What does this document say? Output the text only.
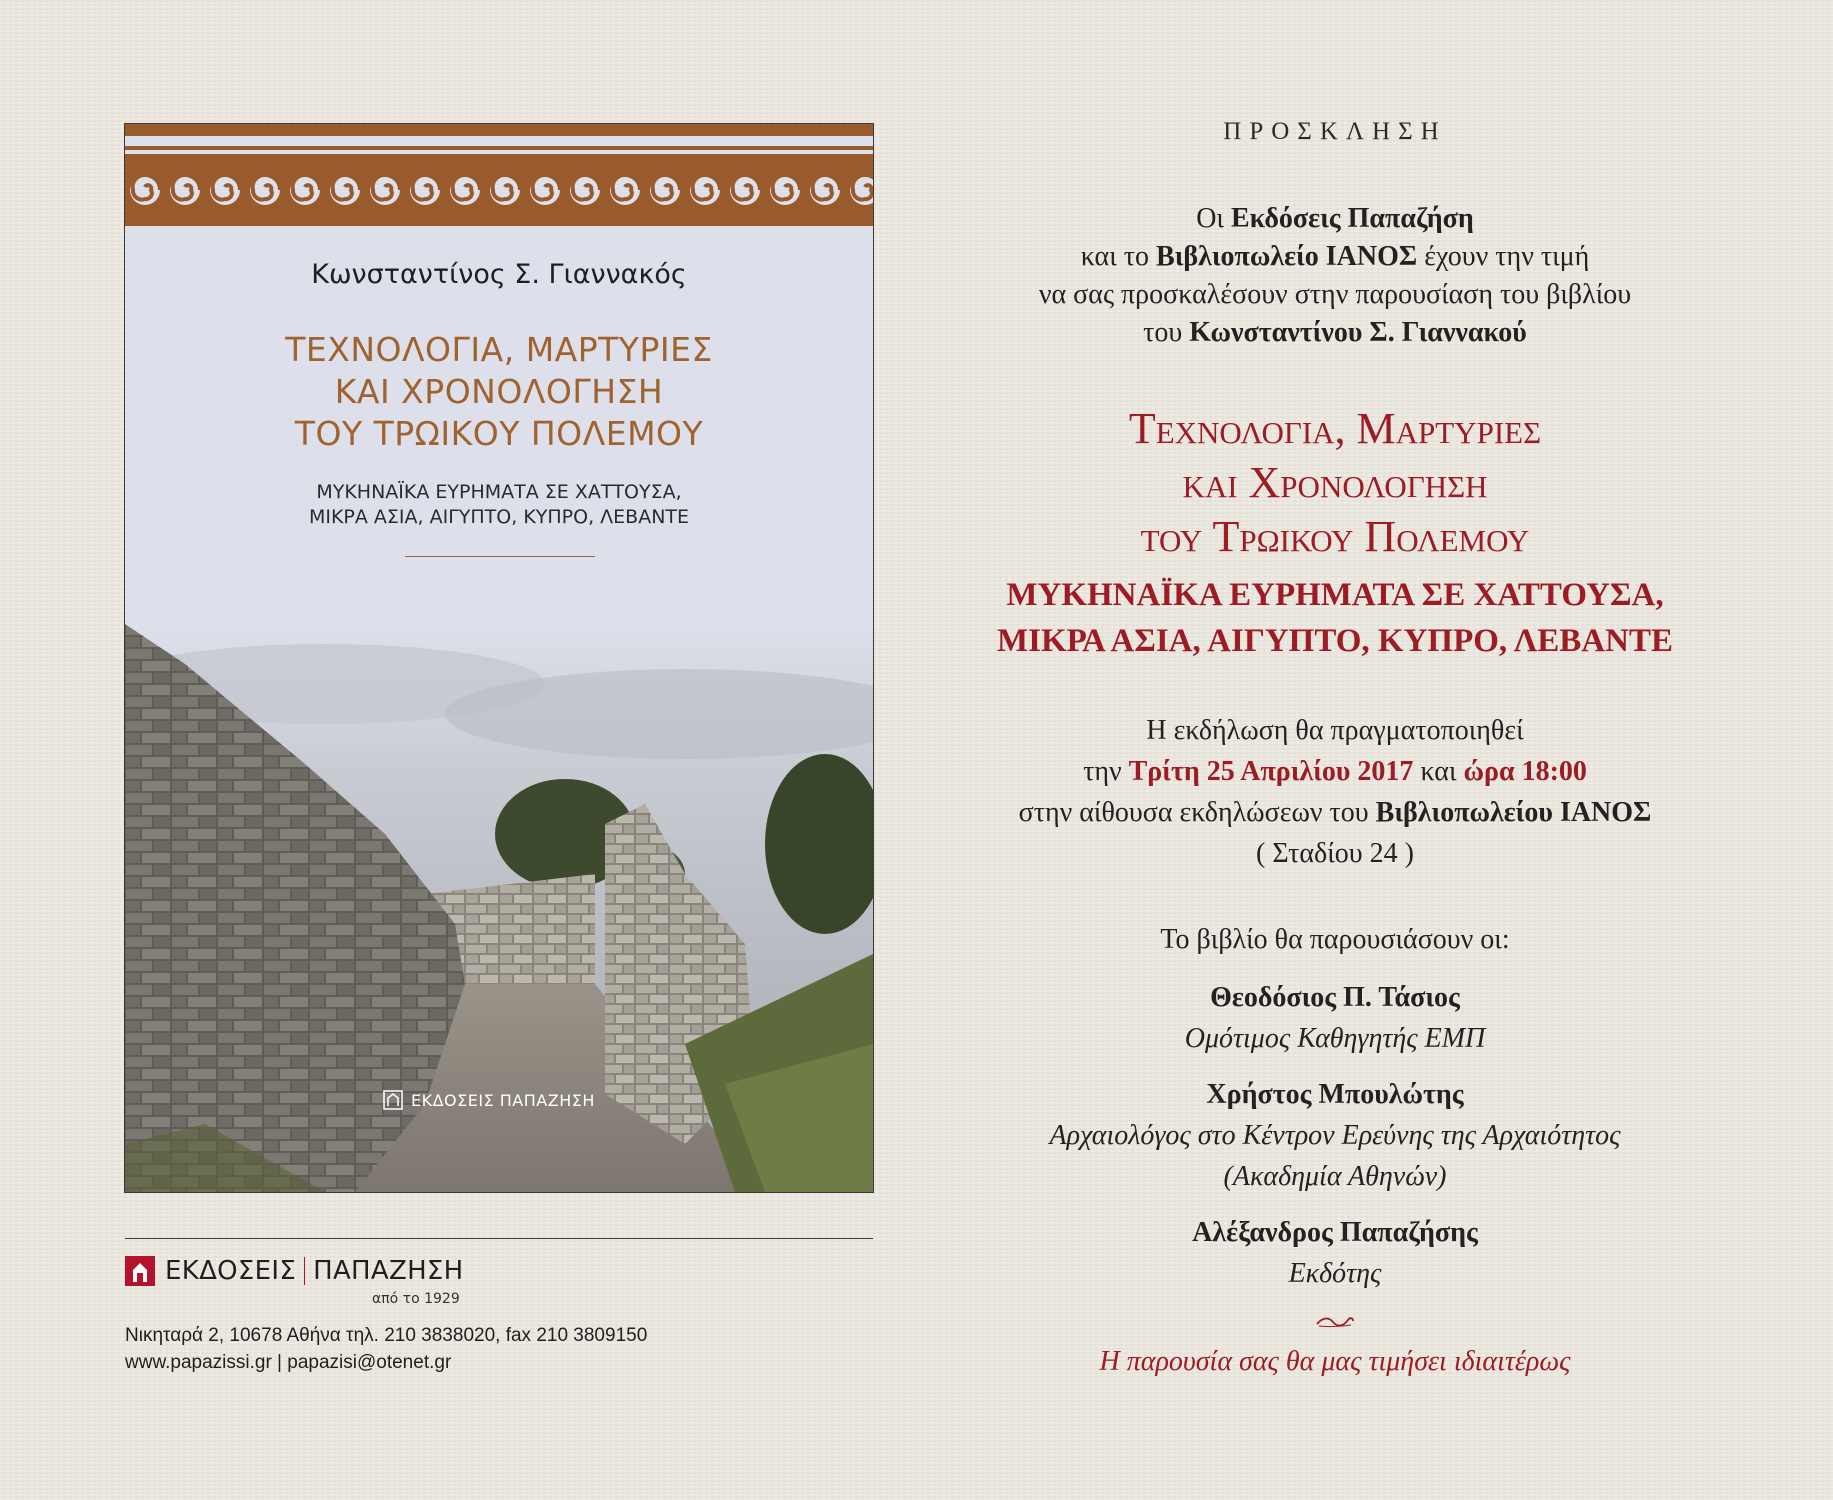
Κωνσταντίνος Σ. Γιαννακός
ΤΕΧΝΟΛΟΓΙΑ, ΜΑΡΤΥΡΙΕΣ
ΚΑΙ ΧΡΟΝΟΛΟΓΗΣΗ
ΤΟΥ ΤΡΩΙΚΟΥ ΠΟΛΕΜΟΥ
ΜΥΚΗΝΑΪΚΑ ΕΥΡΗΜΑΤΑ ΣΕ ΧΑΤΤΟΥΣΑ,
ΜΙΚΡΑ ΑΣΙΑ, ΑΙΓΥΠΤΟ, ΚΥΠΡΟ, ΛΕΒΑΝΤΕ
ΕΚΔΟΣΕΙΣ ΠΑΠΑΖΗΣΗ
ΕΚΔΟΣΕΙΣ ΠΑΠΑΖΗΣΗ
από το 1929
Νικηταρά 2, 10678 Αθήνα τηλ. 210 3838020, fax 210 3809150
www.papazissi.gr | papazisi@otenet.gr
ΠΡΟΣΚΛΗΣΗ
Οι Εκδόσεις Παπαζήση
και το Βιβλιοπωλείο ΙΑΝΟΣ έχουν την τιμή
να σας προσκαλέσουν στην παρουσίαση του βιβλίου
του Κωνσταντίνου Σ. Γιαννακού
Τεχνολογια, Μαρτυριες
και Χρονολογηση
του Τρωικου Πολεμου
ΜΥΚΗΝΑΪΚΑ ΕΥΡΗΜΑΤΑ ΣΕ ΧΑΤΤΟΥΣΑ,
ΜΙΚΡΑ ΑΣΙΑ, ΑΙΓΥΠΤΟ, ΚΥΠΡΟ, ΛΕΒΑΝΤΕ
Η εκδήλωση θα πραγματοποιηθεί
την Τρίτη 25 Απριλίου 2017 και ώρα 18:00
στην αίθουσα εκδηλώσεων του Βιβλιοπωλείου ΙΑΝΟΣ
( Σταδίου 24 )
Το βιβλίο θα παρουσιάσουν οι:
Θεοδόσιος Π. Τάσιος
Ομότιμος Καθηγητής ΕΜΠ
Χρήστος Μπουλώτης
Αρχαιολόγος στο Κέντρον Ερεύνης της Αρχαιότητος
(Ακαδημία Αθηνών)
Αλέξανδρος Παπαζήσης
Εκδότης
Η παρουσία σας θα μας τιμήσει ιδιαιτέρως
